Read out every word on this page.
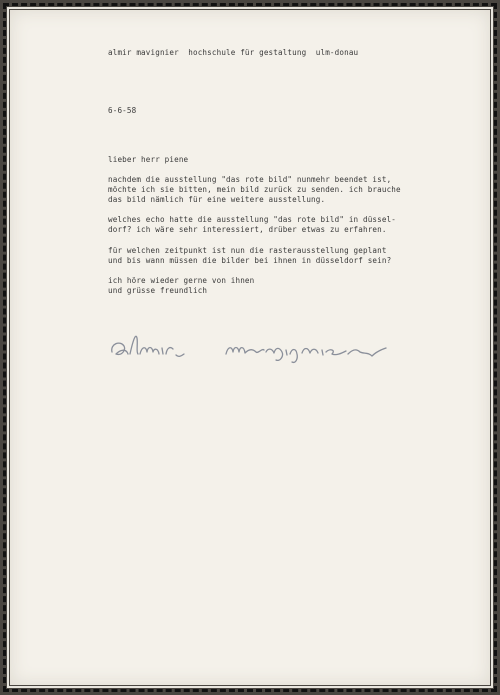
almir mavignier  hochschule für gestaltung  ulm-donau
6-6-58
lieber herr piene
nachdem die ausstellung "das rote bild" nunmehr beendet ist,
möchte ich sie bitten, mein bild zurück zu senden. ich brauche
das bild nämlich für eine weitere ausstellung.
welches echo hatte die ausstellung "das rote bild" in düssel-
dorf? ich wäre sehr interessiert, drüber etwas zu erfahren.
für welchen zeitpunkt ist nun die rasterausstellung geplant
und bis wann müssen die bilder bei ihnen in düsseldorf sein?
ich höre wieder gerne von ihnen
und grüsse freundlich
